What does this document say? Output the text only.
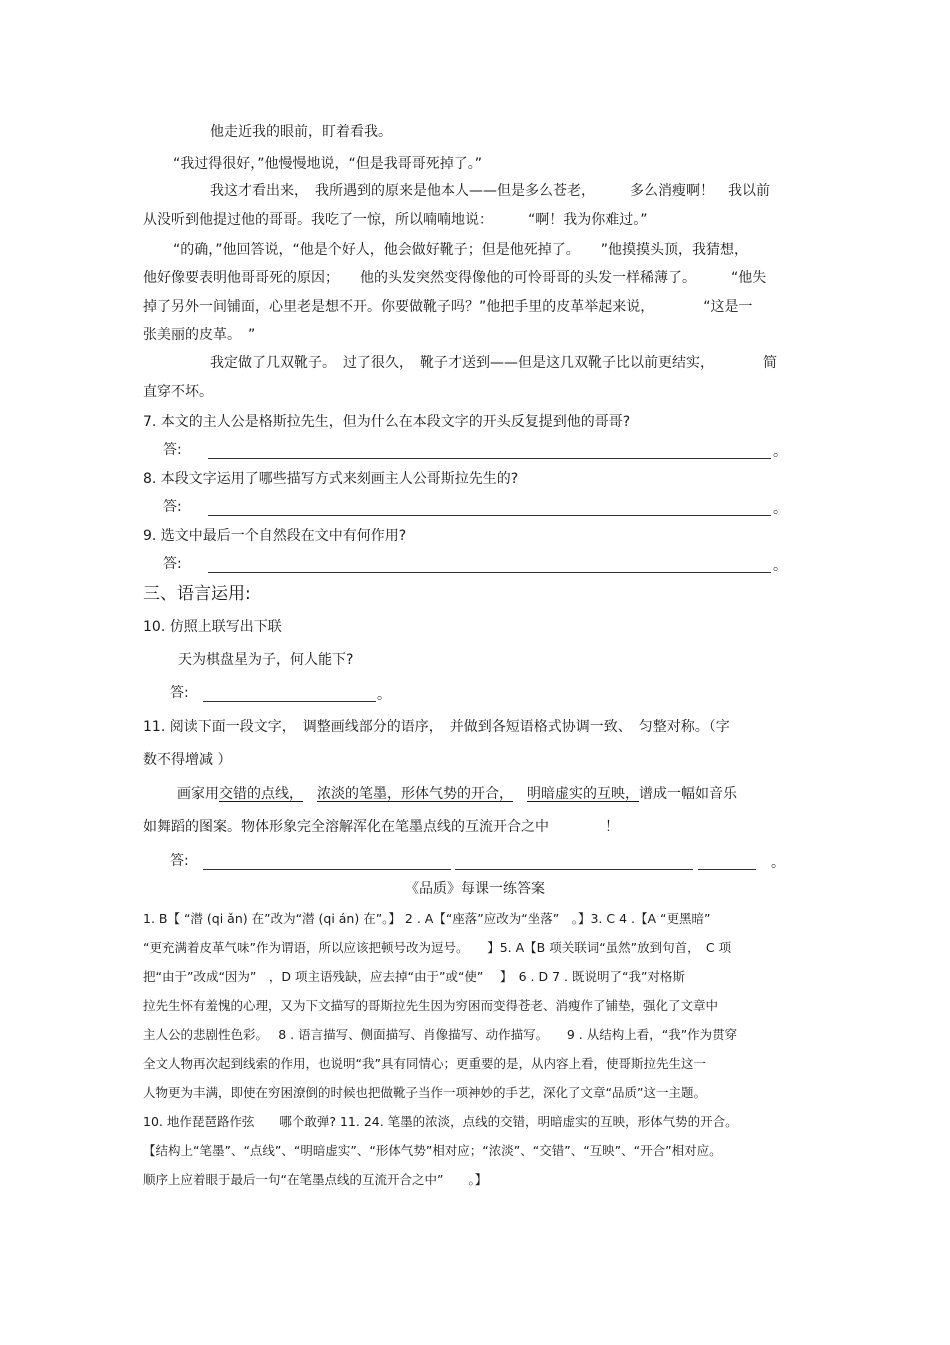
他走近我的眼前，盯着看我。
“我过得很好，”他慢慢地说，“但是我哥哥死掉了。”
我这才看出来，　我所遇到的原来是他本人——但是多么苍老，　　　多么消瘦啊！　我以前
从没听到他提过他的哥哥。我吃了一惊，所以喃喃地说：　　　“啊！我为你难过。”
“的确，”他回答说，“他是个好人，他会做好靴子；但是他死掉了。　　”他摸摸头顶，我猜想，
他好像要表明他哥哥死的原因；　　他的头发突然变得像他的可怜哥哥的头发一样稀薄了。　　　“他失
掉了另外一间铺面，心里老是想不开。你要做靴子吗？”他把手里的皮革举起来说，　　　　“这是一
张美丽的皮革。　”
我定做了几双靴子。　过了很久，　靴子才送到——但是这几双靴子比以前更结实，　　　　简
直穿不坏。
7. 本文的主人公是格斯拉先生，但为什么在本段文字的开头反复提到他的哥哥?
答:	。
8. 本段文字运用了哪些描写方式来刻画主人公哥斯拉先生的?
答:	。
9. 选文中最后一个自然段在文中有何作用?
答:	。
三、语言运用:
10. 仿照上联写出下联
天为棋盘星为子，何人能下?
答:	。
11. 阅读下面一段文字，　调整画线部分的语序，　并做到各短语格式协调一致、　匀整对称。（字
数不得增减 ）
画家用交错的点线，　 浓淡的笔墨，形体气势的开合，　 明暗虚实的互映，谱成一幅如音乐
如舞蹈的图案。物体形象完全溶解浑化在笔墨点线的互流开合之中　　　　！
答:	。
《品质》每课一练答案
1. B【 “潜 (qi ǎn) 在”改为“潜 (qi án) 在”。】 2 . A【“座落”应改为“坐落”　。】3. C 4 .【A “更黑暗”
“更充满着皮革气味”作为谓语，所以应该把顿号改为逗号。　　】5. A【B 项关联词“虽然”放到句首，　C 项
把“由于”改成“因为”　，D 项主语残缺，应去掉“由于”或“使”　 】　6 . D 7 . 既说明了“我”对格斯
拉先生怀有羞愧的心理，又为下文描写的哥斯拉先生因为穷困而变得苍老、消瘦作了铺垫，强化了文章中
主人公的悲剧性色彩。　 8 . 语言描写、侧面描写、肖像描写、动作描写。　　9 . 从结构上看，“我”作为贯穿
全文人物再次起到线索的作用，也说明“我”具有同情心；更重要的是，从内容上看，使哥斯拉先生这一
人物更为丰满，即使在穷困潦倒的时候也把做靴子当作一项神妙的手艺，深化了文章“品质”这一主题。
10. 地作琵琶路作弦　　哪个敢弹? 11. 24. 笔墨的浓淡，点线的交错，明暗虚实的互映，形体气势的开合。
【结构上“笔墨”、“点线”、“明暗虚实”、“形体气势”相对应；“浓淡”、“交错”、“互映”、“开合”相对应。
顺序上应着眼于最后一句“在笔墨点线的互流开合之中”　　。】
